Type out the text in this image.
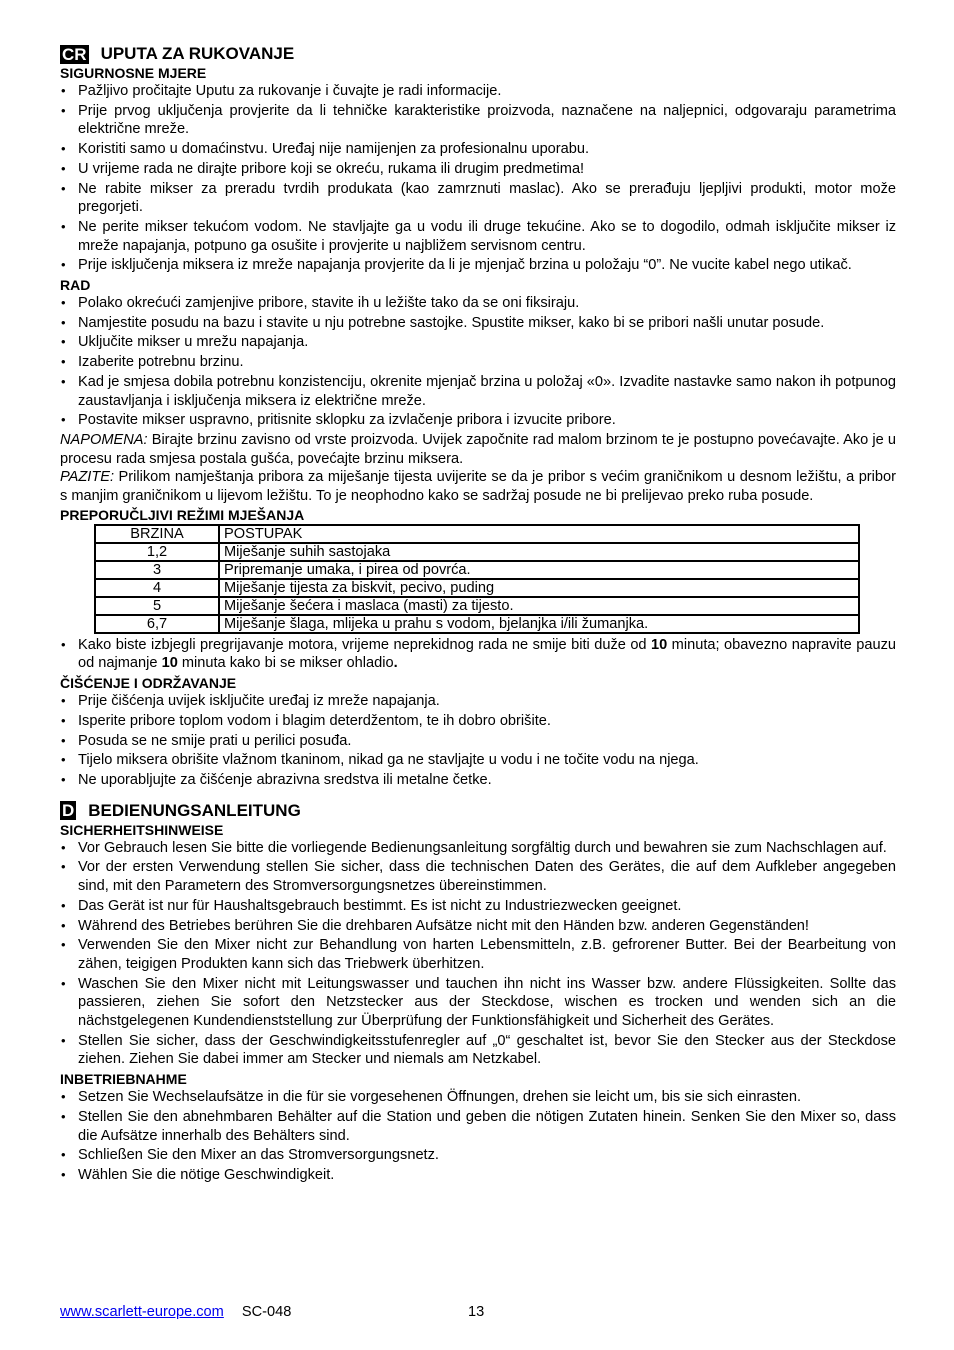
CR UPUTA ZA RUKOVANJE
SIGURNOSNE MJERE
• Pažljivo pročitajte Uputu za rukovanje i čuvajte je radi informacije.
• Prije prvog uključenja provjerite da li tehničke karakteristike proizvoda, naznačene na naljepnici, odgovaraju parametrima električne mreže.
• Koristiti samo u domaćinstvu. Uređaj nije namijenjen za profesionalnu uporabu.
• U vrijeme rada ne dirajte pribore koji se okreću, rukama ili drugim predmetima!
• Ne rabite mikser za preradu tvrdih produkata (kao zamrznuti maslac). Ako se prerađuju ljepljivi produkti, motor može pregorjeti.
• Ne perite mikser tekućom vodom. Ne stavljajte ga u vodu ili druge tekućine. Ako se to dogodilo, odmah isključite mikser iz mreže napajanja, potpuno ga osušite i provjerite u najbližem servisnom centru.
• Prije isključenja miksera iz mreže napajanja provjerite da li je mjenjač brzina u položaju “0”. Ne vucite kabel nego utikač.
RAD
• Polako okrećući zamjenjive pribore, stavite ih u ležište tako da se oni fiksiraju.
• Namjestite posudu na bazu i stavite u nju potrebne sastojke. Spustite mikser, kako bi se pribori našli unutar posude.
• Uključite mikser u mrežu napajanja.
• Izaberite potrebnu brzinu.
• Kad je smjesa dobila potrebnu konzistenciju, okrenite mjenjač brzina u položaj «0». Izvadite nastavke samo nakon ih potpunog zaustavljanja i isključenja miksera iz električne mreže.
• Postavite mikser uspravno, pritisnite sklopku za izvlačenje pribora i izvucite pribore.
NAPOMENA: Birajte brzinu zavisno od vrste proizvoda. Uvijek započnite rad malom brzinom te je postupno povećavajte. Ako je u procesu rada smjesa postala gušća, povećajte brzinu miksera.
PAZITE: Prilikom namještanja pribora za miješanje tijesta uvijerite se da je pribor s većim graničnikom u desnom ležištu, a pribor s manjim graničnikom u lijevom ležištu. To je neophodno kako se sadržaj posude ne bi prelijevao preko ruba posude.
PREPORUČLJIVI REŽIMI MJEŠANJA
BRZINA	POSTUPAK
1,2	Miješanje suhih sastojaka
3	Pripremanje umaka, i pirea od povrća.
4	Miješanje tijesta za biskvit, pecivo, puding
5	Miješanje šećera i maslaca (masti) za tijesto.
6,7	Miješanje šlaga, mlijeka u prahu s vodom, bjelanjka i/ili žumanjka.
• Kako biste izbjegli pregrijavanje motora, vrijeme neprekidnog rada ne smije biti duže od 10 minuta; obavezno napravite pauzu od najmanje 10 minuta kako bi se mikser ohladio.
ČIŠĆENJE I ODRŽAVANJE
• Prije čišćenja uvijek isključite uređaj iz mreže napajanja.
• Isperite pribore toplom vodom i blagim deterdžentom, te ih dobro obrišite.
• Posuda se ne smije prati u perilici posuđa.
• Tijelo miksera obrišite vlažnom tkaninom, nikad ga ne stavljajte u vodu i ne točite vodu na njega.
• Ne uporabljujte za čišćenje abrazivna sredstva ili metalne četke.
D BEDIENUNGSANLEITUNG
SICHERHEITSHINWEISE
• Vor Gebrauch lesen Sie bitte die vorliegende Bedienungsanleitung sorgfältig durch und bewahren sie zum Nachschlagen auf.
• Vor der ersten Verwendung stellen Sie sicher, dass die technischen Daten des Gerätes, die auf dem Aufkleber angegeben sind, mit den Parametern des Stromversorgungsnetzes übereinstimmen.
• Das Gerät ist nur für Haushaltsgebrauch bestimmt. Es ist nicht zu Industriezwecken geeignet.
• Während des Betriebes berühren Sie die drehbaren Aufsätze nicht mit den Händen bzw. anderen Gegenständen!
• Verwenden Sie den Mixer nicht zur Behandlung von harten Lebensmitteln, z.B. gefrorener Butter. Bei der Bearbeitung von zähen, teigigen Produkten kann sich das Triebwerk überhitzen.
• Waschen Sie den Mixer nicht mit Leitungswasser und tauchen ihn nicht ins Wasser bzw. andere Flüssigkeiten. Sollte das passieren, ziehen Sie sofort den Netzstecker aus der Steckdose, wischen es trocken und wenden sich an die nächstgelegenen Kundendienststellung zur Überprüfung der Funktionsfähigkeit und Sicherheit des Gerätes.
• Stellen Sie sicher, dass der Geschwindigkeitsstufenregler auf „0“ geschaltet ist, bevor Sie den Stecker aus der Steckdose ziehen. Ziehen Sie dabei immer am Stecker und niemals am Netzkabel.
INBETRIEBNAHME
• Setzen Sie Wechselaufsätze in die für sie vorgesehenen Öffnungen, drehen sie leicht um, bis sie sich einrasten.
• Stellen Sie den abnehmbaren Behälter auf die Station und geben die nötigen Zutaten hinein. Senken Sie den Mixer so, dass die Aufsätze innerhalb des Behälters sind.
• Schließen Sie den Mixer an das Stromversorgungsnetz.
• Wählen Sie die nötige Geschwindigkeit.
www.scarlett-europe.com SC-048	13
